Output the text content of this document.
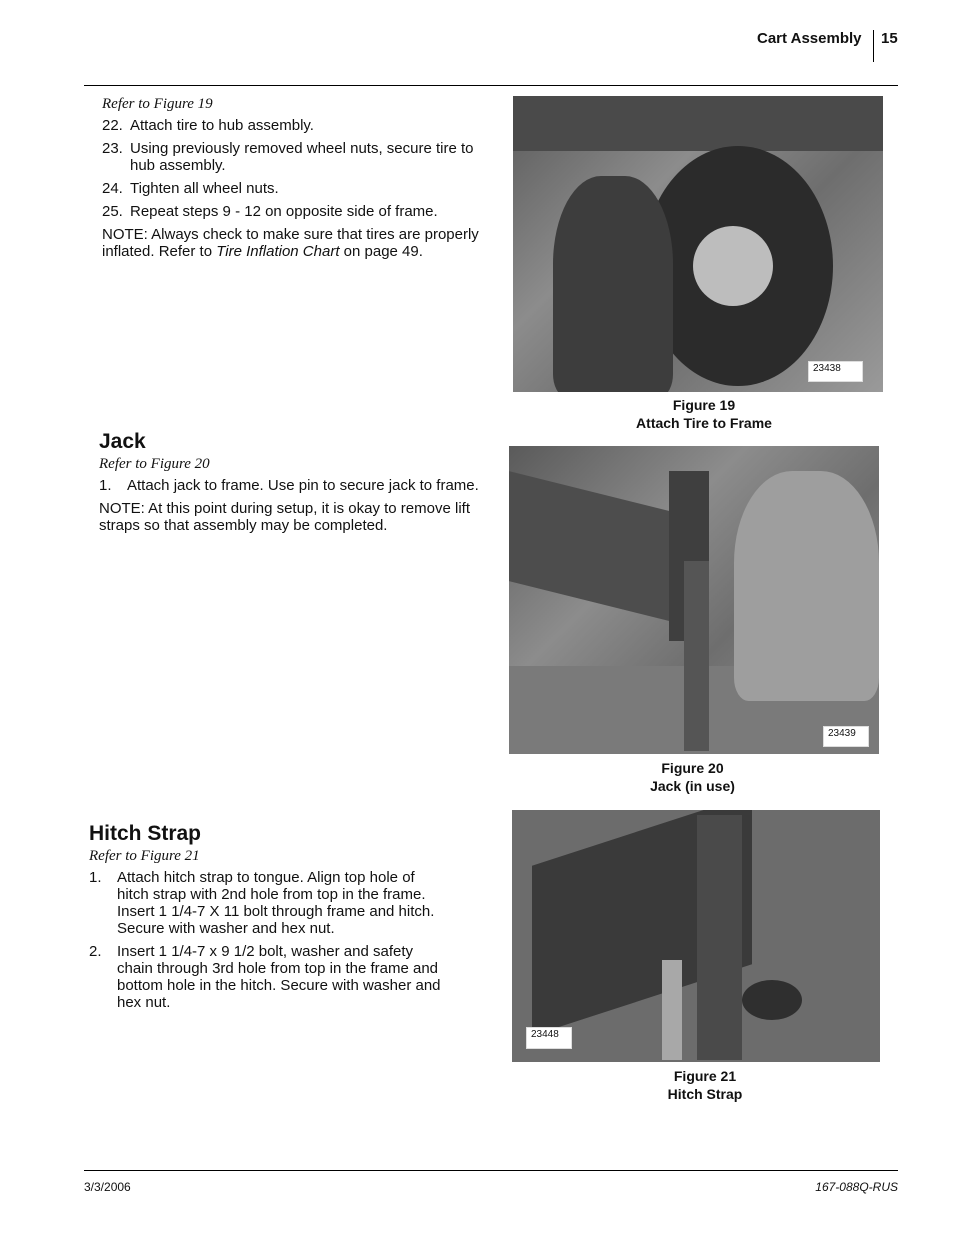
Cart Assembly 15
Refer to Figure 19
22. Attach tire to hub assembly.
23. Using previously removed wheel nuts, secure tire to hub assembly.
24. Tighten all wheel nuts.
25. Repeat steps 9 - 12 on opposite side of frame.
NOTE: Always check to make sure that tires are properly inflated. Refer to Tire Inflation Chart on page 49.
23438
Figure 19
Attach Tire to Frame
Jack
Refer to Figure 20
1.	Attach jack to frame. Use pin to secure jack to frame.
NOTE: At this point during setup, it is okay to remove lift straps so that assembly may be completed.
23439
Figure 20
Jack (in use)
Hitch Strap
Refer to Figure 21
1.	Attach hitch strap to tongue. Align top hole of hitch strap with 2nd hole from top in the frame. Insert 1 1/4-7 X 11 bolt through frame and hitch. Secure with washer and hex nut.
2.	Insert 1 1/4-7 x 9 1/2 bolt, washer and safety chain through 3rd hole from top in the frame and bottom hole in the hitch. Secure with washer and hex nut.
23448
Figure 21
Hitch Strap
3/3/2006	167-088Q-RUS
